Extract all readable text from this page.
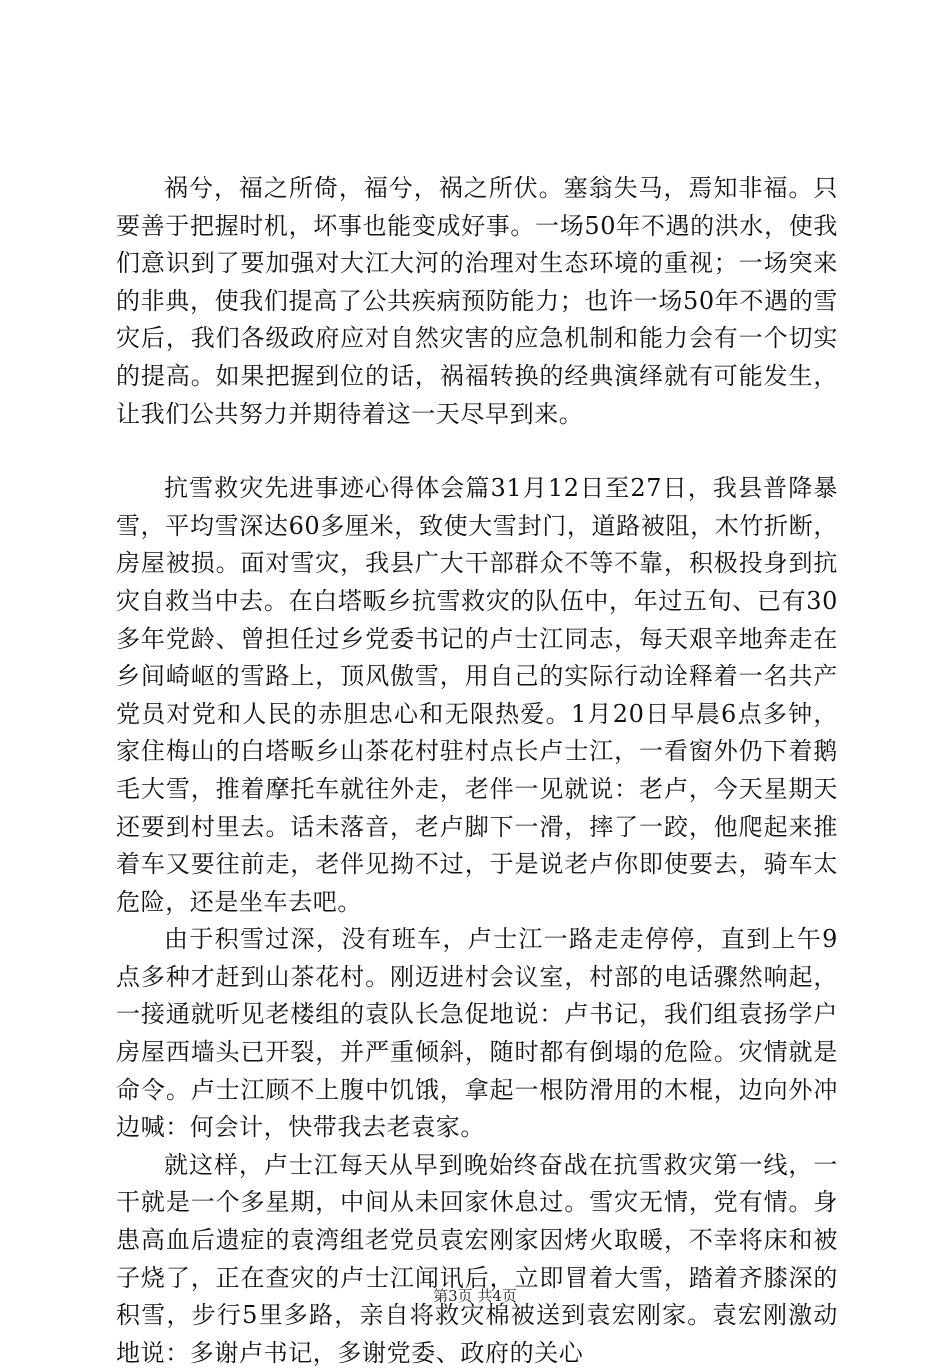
祸兮，福之所倚，福兮，祸之所伏。塞翁失马，焉知非福。只要善于把握时机，坏事也能变成好事。一场50年不遇的洪水，使我们意识到了要加强对大江大河的治理对生态环境的重视；一场突来的非典，使我们提高了公共疾病预防能力；也许一场50年不遇的雪灾后，我们各级政府应对自然灾害的应急机制和能力会有一个切实的提高。如果把握到位的话，祸福转换的经典演绎就有可能发生，让我们公共努力并期待着这一天尽早到来。

抗雪救灾先进事迹心得体会篇31月12日至27日，我县普降暴雪，平均雪深达60多厘米，致使大雪封门，道路被阻，木竹折断，房屋被损。面对雪灾，我县广大干部群众不等不靠，积极投身到抗灾自救当中去。在白塔畈乡抗雪救灾的队伍中，年过五旬、已有30多年党龄、曾担任过乡党委书记的卢士江同志，每天艰辛地奔走在乡间崎岖的雪路上，顶风傲雪，用自己的实际行动诠释着一名共产党员对党和人民的赤胆忠心和无限热爱。1月20日早晨6点多钟，家住梅山的白塔畈乡山茶花村驻村点长卢士江，一看窗外仍下着鹅毛大雪，推着摩托车就往外走，老伴一见就说：老卢，今天星期天还要到村里去。话未落音，老卢脚下一滑，摔了一跤，他爬起来推着车又要往前走，老伴见拗不过，于是说老卢你即使要去，骑车太危险，还是坐车去吧。

由于积雪过深，没有班车，卢士江一路走走停停，直到上午9点多种才赶到山茶花村。刚迈进村会议室，村部的电话骤然响起，一接通就听见老楼组的袁队长急促地说：卢书记，我们组袁扬学户房屋西墙头已开裂，并严重倾斜，随时都有倒塌的危险。灾情就是命令。卢士江顾不上腹中饥饿，拿起一根防滑用的木棍，边向外冲边喊：何会计，快带我去老袁家。

就这样，卢士江每天从早到晚始终奋战在抗雪救灾第一线，一干就是一个多星期，中间从未回家休息过。雪灾无情，党有情。身患高血后遗症的袁湾组老党员袁宏刚家因烤火取暖，不幸将床和被子烧了，正在查灾的卢士江闻讯后，立即冒着大雪，踏着齐膝深的积雪，步行5里多路，亲自将救灾棉被送到袁宏刚家。袁宏刚激动地说：多谢卢书记，多谢党委、政府的关心

第3页 共4页
